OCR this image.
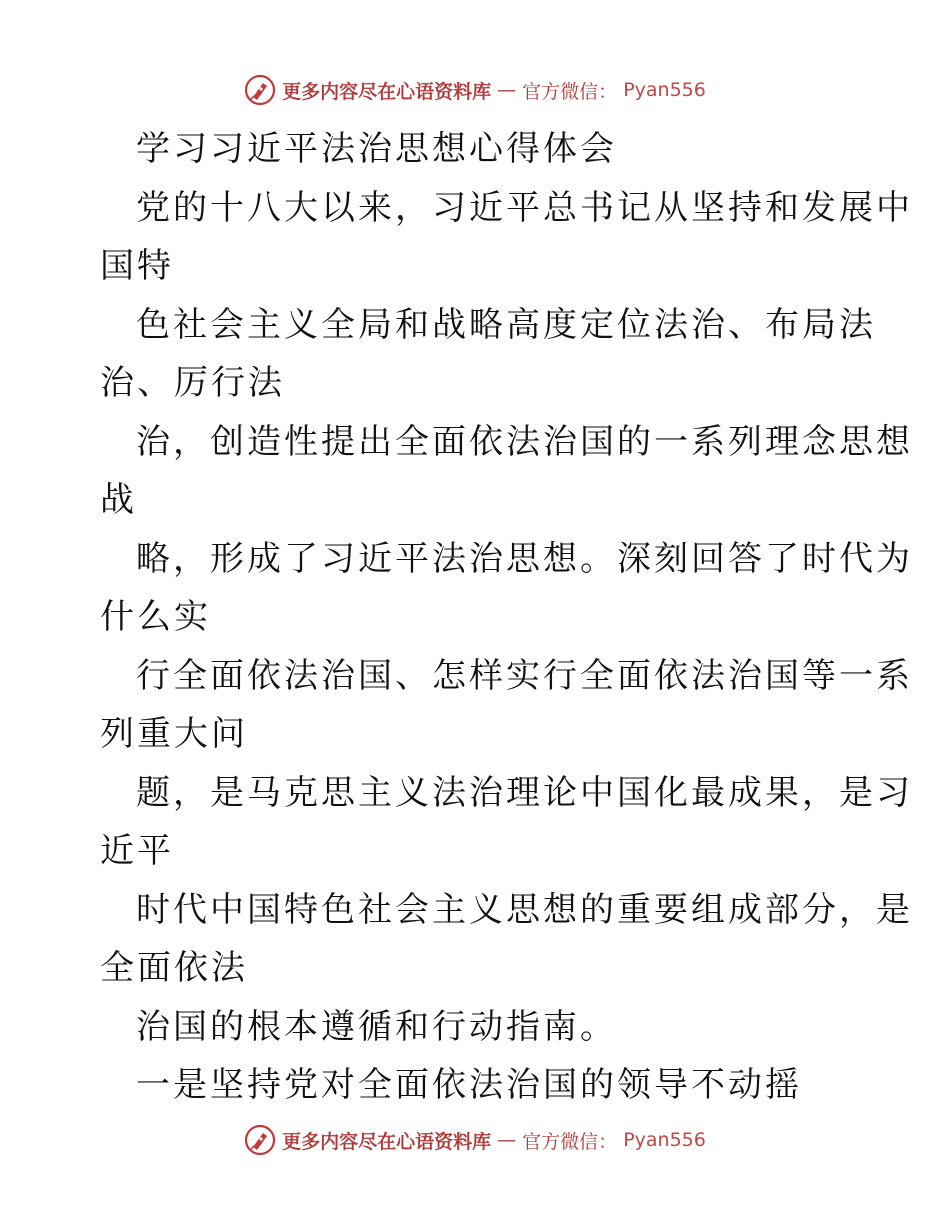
更多内容尽在心语资料库 — 官方微信： Pyan556
学习习近平法治思想心得体会
党的十八大以来，习近平总书记从坚持和发展中
国特
色社会主义全局和战略高度定位法治、布局法
治、厉行法
治，创造性提出全面依法治国的一系列理念思想
战
略，形成了习近平法治思想。深刻回答了时代为
什么实
行全面依法治国、怎样实行全面依法治国等一系
列重大问
题，是马克思主义法治理论中国化最成果，是习
近平
时代中国特色社会主义思想的重要组成部分，是
全面依法
治国的根本遵循和行动指南。
一是坚持党对全面依法治国的领导不动摇
更多内容尽在心语资料库 — 官方微信： Pyan556
